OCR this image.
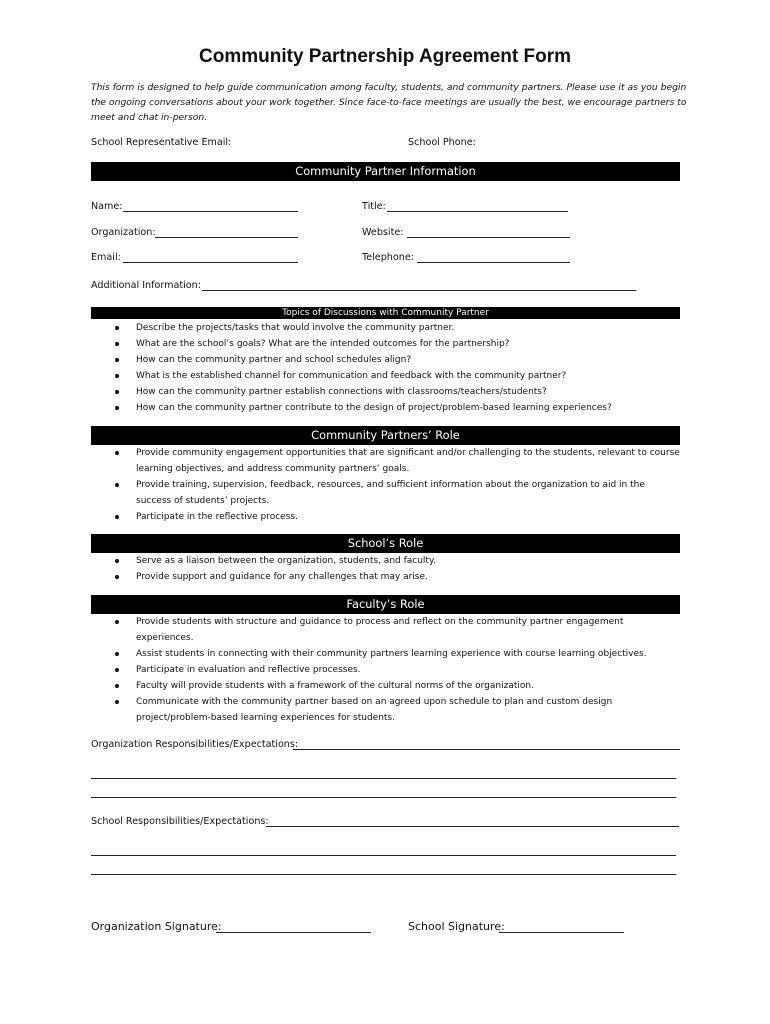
Community Partnership Agreement Form
This form is designed to help guide communication among faculty, students, and community partners. Please use it as you begin the ongoing conversations about your work together. Since face-to-face meetings are usually the best, we encourage partners to meet and chat in-person.
School Representative Email:	School Phone:
Community Partner Information
Name:	Title:
Organization:	Website:
Email:	Telephone:
Additional Information:
Topics of Discussions with Community Partner
Describe the projects/tasks that would involve the community partner.
What are the school’s goals? What are the intended outcomes for the partnership?
How can the community partner and school schedules align?
What is the established channel for communication and feedback with the community partner?
How can the community partner establish connections with classrooms/teachers/students?
How can the community partner contribute to the design of project/problem-based learning experiences?
Community Partners’ Role
Provide community engagement opportunities that are significant and/or challenging to the students, relevant to course learning objectives, and address community partners’ goals.
Provide training, supervision, feedback, resources, and sufficient information about the organization to aid in the success of students’ projects.
Participate in the reflective process.
School’s Role
Serve as a liaison between the organization, students, and faculty.
Provide support and guidance for any challenges that may arise.
Faculty’s Role
Provide students with structure and guidance to process and reflect on the community partner engagement experiences.
Assist students in connecting with their community partners learning experience with course learning objectives.
Participate in evaluation and reflective processes.
Faculty will provide students with a framework of the cultural norms of the organization.
Communicate with the community partner based on an agreed upon schedule to plan and custom design project/problem-based learning experiences for students.
Organization Responsibilities/Expectations:
School Responsibilities/Expectations:
Organization Signature:	School Signature:
